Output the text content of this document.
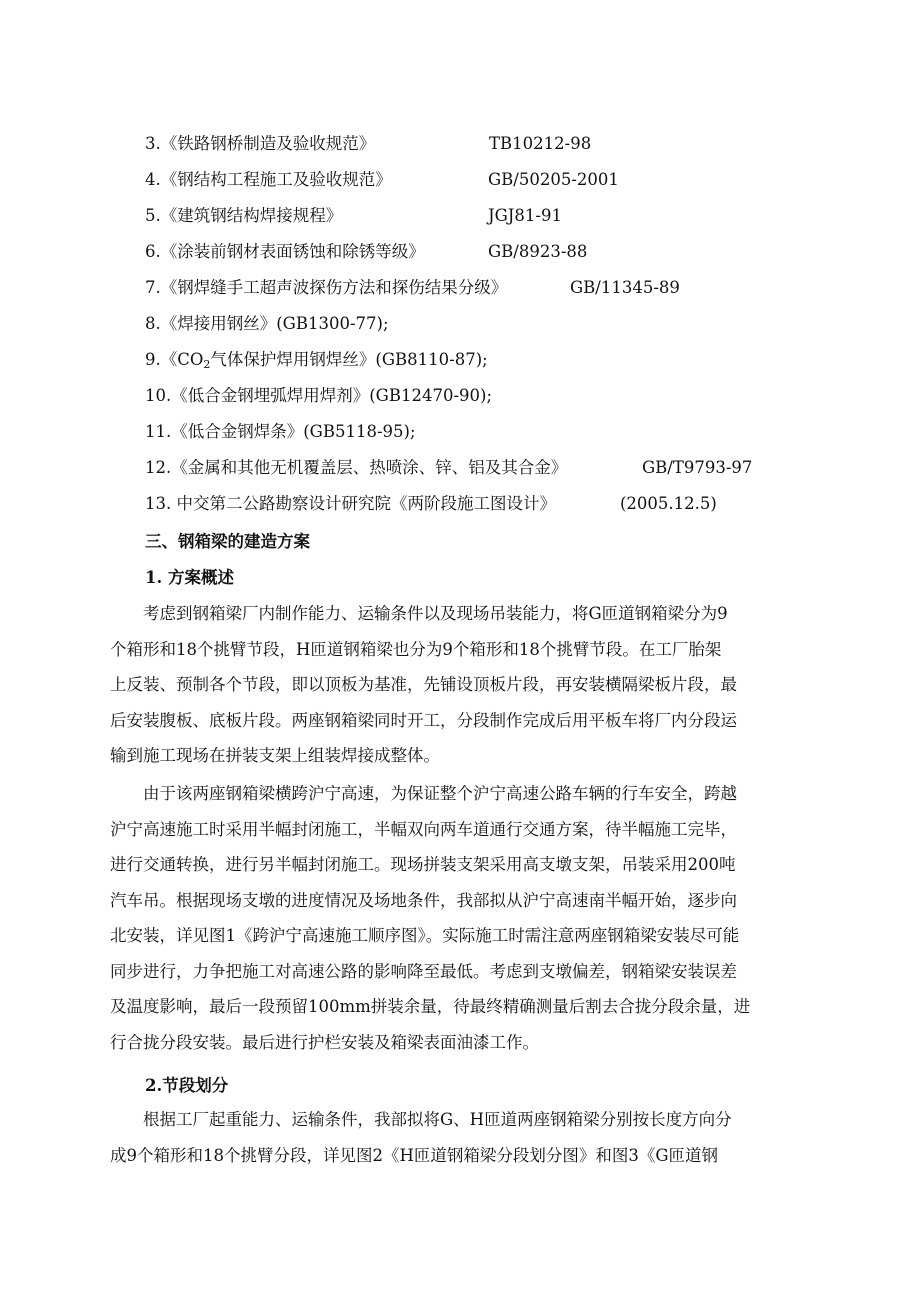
3.《铁路钢桥制造及验收规范》	TB10212-98
4.《钢结构工程施工及验收规范》	GB/50205-2001
5.《建筑钢结构焊接规程》	JGJ81-91
6.《涂装前钢材表面锈蚀和除锈等级》	GB/8923-88
7.《钢焊缝手工超声波探伤方法和探伤结果分级》	GB/11345-89
8.《焊接用钢丝》(GB1300-77);
9.《$CO_2$气体保护焊用钢焊丝》(GB8110-87);
10.《低合金钢埋弧焊用焊剂》(GB12470-90);
11.《低合金钢焊条》(GB5118-95);
12.《金属和其他无机覆盖层、热喷涂、锌、铝及其合金》	GB/T9793-97
13. 中交第二公路勘察设计研究院《两阶段施工图设计》	(2005.12.5)
三、钢箱梁的建造方案
1. 方案概述
　　考虑到钢箱梁厂内制作能力、运输条件以及现场吊装能力，将G匝道钢箱梁分为9
个箱形和18个挑臂节段，H匝道钢箱梁也分为9个箱形和18个挑臂节段。在工厂胎架
上反装、预制各个节段，即以顶板为基准，先铺设顶板片段，再安装横隔梁板片段，最
后安装腹板、底板片段。两座钢箱梁同时开工，分段制作完成后用平板车将厂内分段运
输到施工现场在拼装支架上组装焊接成整体。
　　由于该两座钢箱梁横跨沪宁高速，为保证整个沪宁高速公路车辆的行车安全，跨越
沪宁高速施工时采用半幅封闭施工，半幅双向两车道通行交通方案，待半幅施工完毕，
进行交通转换，进行另半幅封闭施工。现场拼装支架采用高支墩支架，吊装采用200吨
汽车吊。根据现场支墩的进度情况及场地条件，我部拟从沪宁高速南半幅开始，逐步向
北安装，详见图1《跨沪宁高速施工顺序图》。实际施工时需注意两座钢箱梁安装尽可能
同步进行，力争把施工对高速公路的影响降至最低。考虑到支墩偏差，钢箱梁安装误差
及温度影响，最后一段预留100mm拼装余量，待最终精确测量后割去合拢分段余量，进
行合拢分段安装。最后进行护栏安装及箱梁表面油漆工作。
2.节段划分
　　根据工厂起重能力、运输条件，我部拟将G、H匝道两座钢箱梁分别按长度方向分
成9个箱形和18个挑臂分段，详见图2《H匝道钢箱梁分段划分图》和图3《G匝道钢
